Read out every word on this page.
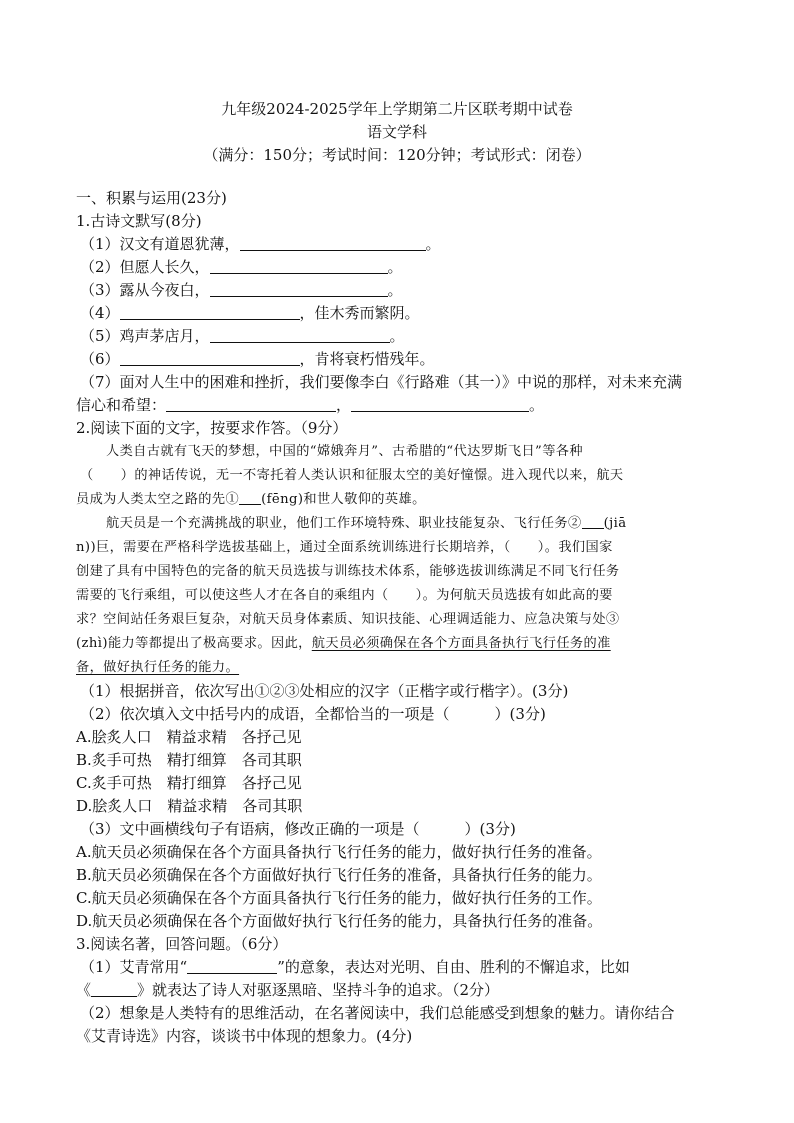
九年级2024-2025学年上学期第二片区联考期中试卷
语文学科
（满分：150分；考试时间：120分钟；考试形式：闭卷）
一、积累与运用(23分)
1.古诗文默写(8分)
（1）汉文有道恩犹薄，	。
（2）但愿人长久，	。
（3）露从今夜白，	。
（4）	，佳木秀而繁阴。
（5）鸡声茅店月，	。
（6）	，肯将衰朽惜残年。
（7）面对人生中的困难和挫折，我们要像李白《行路难（其一）》中说的那样，对未来充满
信心和希望：	，	。
2.阅读下面的文字，按要求作答。（9分）
人类自古就有飞天的梦想，中国的“嫦娥奔月”、古希腊的“代达罗斯飞日”等各种
（　　）的神话传说，无一不寄托着人类认识和征服太空的美好憧憬。进入现代以来，航天
员成为人类太空之路的先① (fēng)和世人敬仰的英雄。
航天员是一个充满挑战的职业，他们工作环境特殊、职业技能复杂、飞行任务② (jiā
n))巨，需要在严格科学选拔基础上，通过全面系统训练进行长期培养，（　　）。我们国家
创建了具有中国特色的完备的航天员选拔与训练技术体系，能够选拔训练满足不同飞行任务
需要的飞行乘组，可以使这些人才在各自的乘组内（　　）。为何航天员选拔有如此高的要
求？空间站任务艰巨复杂，对航天员身体素质、知识技能、心理调适能力、应急决策与处③
(zhì)能力等都提出了极高要求。因此，航天员必须确保在各个方面具备执行飞行任务的准
备，做好执行任务的能力。
（1）根据拼音，依次写出①②③处相应的汉字（正楷字或行楷字）。(3分)
（2）依次填入文中括号内的成语，全都恰当的一项是（　　　）(3分)
A.脍炙人口　精益求精　各抒己见
B.炙手可热　精打细算　各司其职
C.炙手可热　精打细算　各抒己见
D.脍炙人口　精益求精　各司其职
（3）文中画横线句子有语病，修改正确的一项是（　　　）(3分)
A.航天员必须确保在各个方面具备执行飞行任务的能力，做好执行任务的准备。
B.航天员必须确保在各个方面做好执行飞行任务的准备，具备执行任务的能力。
C.航天员必须确保在各个方面具备执行飞行任务的能力，做好执行任务的工作。
D.航天员必须确保在各个方面做好执行飞行任务的能力，具备执行任务的准备。
3.阅读名著，回答问题。（6分）
（1）艾青常用“	”的意象，表达对光明、自由、胜利的不懈追求，比如
《	》就表达了诗人对驱逐黑暗、坚持斗争的追求。（2分）
（2）想象是人类特有的思维活动，在名著阅读中，我们总能感受到想象的魅力。请你结合
《艾青诗选》内容，谈谈书中体现的想象力。(4分)
